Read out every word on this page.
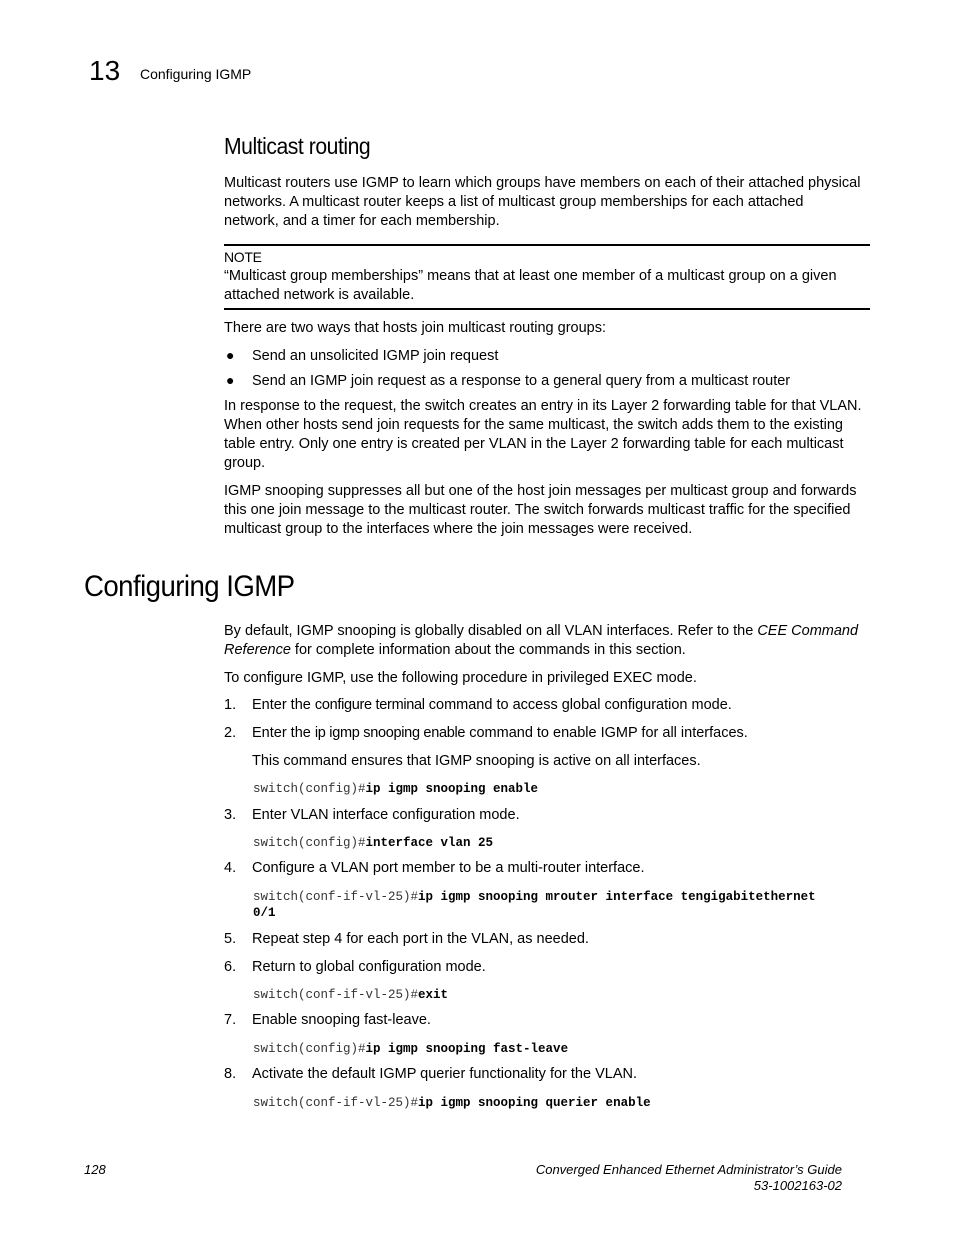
13 Configuring IGMP
Multicast routing
Multicast routers use IGMP to learn which groups have members on each of their attached physical
networks. A multicast router keeps a list of multicast group memberships for each attached
network, and a timer for each membership.
NOTE
“Multicast group memberships” means that at least one member of a multicast group on a given
attached network is available.
There are two ways that hosts join multicast routing groups:
● Send an unsolicited IGMP join request
● Send an IGMP join request as a response to a general query from a multicast router
In response to the request, the switch creates an entry in its Layer 2 forwarding table for that VLAN.
When other hosts send join requests for the same multicast, the switch adds them to the existing
table entry. Only one entry is created per VLAN in the Layer 2 forwarding table for each multicast
group.
IGMP snooping suppresses all but one of the host join messages per multicast group and forwards
this one join message to the multicast router. The switch forwards multicast traffic for the specified
multicast group to the interfaces where the join messages were received.
Configuring IGMP
By default, IGMP snooping is globally disabled on all VLAN interfaces. Refer to the CEE Command
Reference for complete information about the commands in this section.
To configure IGMP, use the following procedure in privileged EXEC mode.
1. Enter the configure terminal command to access global configuration mode.
2. Enter the ip igmp snooping enable command to enable IGMP for all interfaces.
This command ensures that IGMP snooping is active on all interfaces.
switch(config)#ip igmp snooping enable
3. Enter VLAN interface configuration mode.
switch(config)#interface vlan 25
4. Configure a VLAN port member to be a multi-router interface.
switch(conf-if-vl-25)#ip igmp snooping mrouter interface tengigabitethernet
0/1
5. Repeat step 4 for each port in the VLAN, as needed.
6. Return to global configuration mode.
switch(conf-if-vl-25)#exit
7. Enable snooping fast-leave.
switch(config)#ip igmp snooping fast-leave
8. Activate the default IGMP querier functionality for the VLAN.
switch(conf-if-vl-25)#ip igmp snooping querier enable
128	Converged Enhanced Ethernet Administrator’s Guide
53-1002163-02
